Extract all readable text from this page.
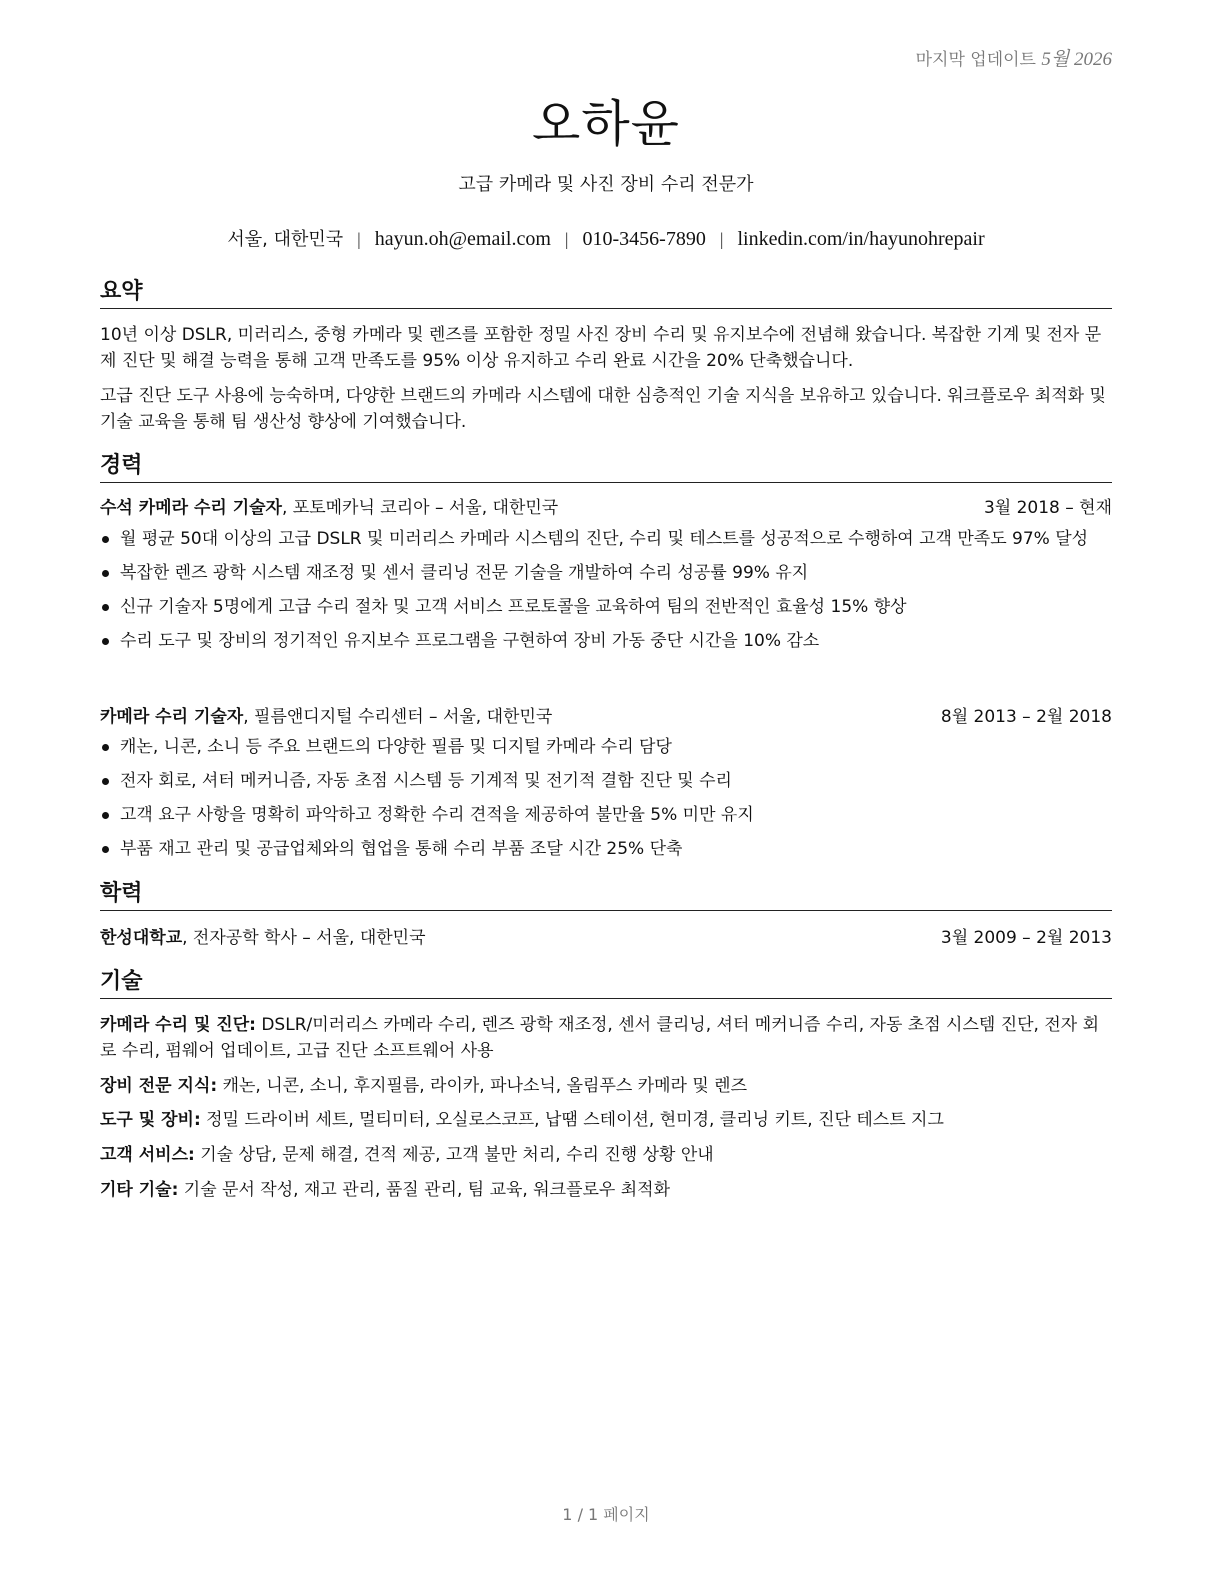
마지막 업데이트 5월 2026
오하윤
고급 카메라 및 사진 장비 수리 전문가
서울, 대한민국 | hayun.oh@email.com | 010-3456-7890 | linkedin.com/in/hayunohrepair
요약

10년 이상 DSLR, 미러리스, 중형 카메라 및 렌즈를 포함한 정밀 사진 장비 수리 및 유지보수에 전념해 왔습니다. 복잡한 기계 및 전자 문제 진단 및 해결 능력을 통해 고객 만족도를 95% 이상 유지하고 수리 완료 시간을 20% 단축했습니다.

고급 진단 도구 사용에 능숙하며, 다양한 브랜드의 카메라 시스템에 대한 심층적인 기술 지식을 보유하고 있습니다. 워크플로우 최적화 및 기술 교육을 통해 팀 생산성 향상에 기여했습니다.

경력
수석 카메라 수리 기술자, 포토메카닉 코리아 – 서울, 대한민국	3월 2018 – 현재
월 평균 50대 이상의 고급 DSLR 및 미러리스 카메라 시스템의 진단, 수리 및 테스트를 성공적으로 수행하여 고객 만족도 97% 달성
복잡한 렌즈 광학 시스템 재조정 및 센서 클리닝 전문 기술을 개발하여 수리 성공률 99% 유지
신규 기술자 5명에게 고급 수리 절차 및 고객 서비스 프로토콜을 교육하여 팀의 전반적인 효율성 15% 향상
수리 도구 및 장비의 정기적인 유지보수 프로그램을 구현하여 장비 가동 중단 시간을 10% 감소
카메라 수리 기술자, 필름앤디지털 수리센터 – 서울, 대한민국	8월 2013 – 2월 2018
캐논, 니콘, 소니 등 주요 브랜드의 다양한 필름 및 디지털 카메라 수리 담당
전자 회로, 셔터 메커니즘, 자동 초점 시스템 등 기계적 및 전기적 결함 진단 및 수리
고객 요구 사항을 명확히 파악하고 정확한 수리 견적을 제공하여 불만율 5% 미만 유지
부품 재고 관리 및 공급업체와의 협업을 통해 수리 부품 조달 시간 25% 단축
학력
한성대학교, 전자공학 학사 – 서울, 대한민국	3월 2009 – 2월 2013
기술
카메라 수리 및 진단: DSLR/미러리스 카메라 수리, 렌즈 광학 재조정, 센서 클리닝, 셔터 메커니즘 수리, 자동 초점 시스템 진단, 전자 회로 수리, 펌웨어 업데이트, 고급 진단 소프트웨어 사용
장비 전문 지식: 캐논, 니콘, 소니, 후지필름, 라이카, 파나소닉, 올림푸스 카메라 및 렌즈
도구 및 장비: 정밀 드라이버 세트, 멀티미터, 오실로스코프, 납땜 스테이션, 현미경, 클리닝 키트, 진단 테스트 지그
고객 서비스: 기술 상담, 문제 해결, 견적 제공, 고객 불만 처리, 수리 진행 상황 안내
기타 기술: 기술 문서 작성, 재고 관리, 품질 관리, 팀 교육, 워크플로우 최적화
1 / 1 페이지
